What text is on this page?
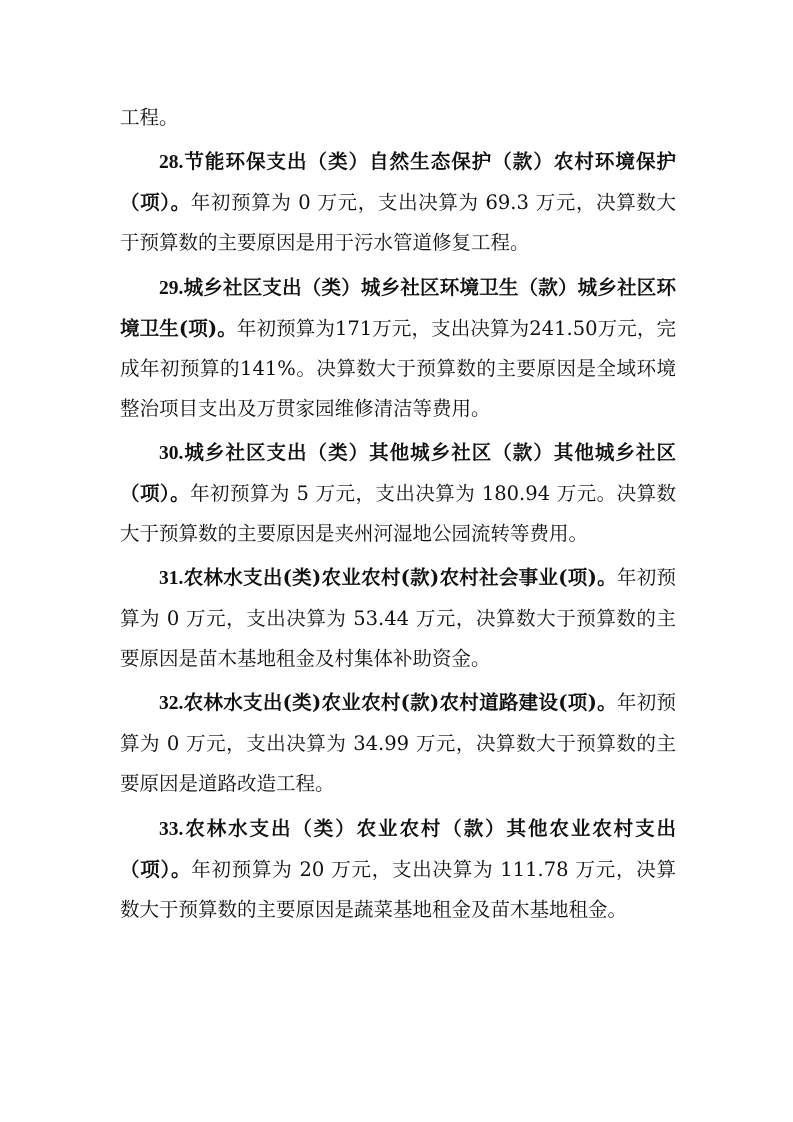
工程。

28.节能环保支出（类）自然生态保护（款）农村环境保护（项）。年初预算为 0 万元，支出决算为 69.3 万元，决算数大于预算数的主要原因是用于污水管道修复工程。

29.城乡社区支出（类）城乡社区环境卫生（款）城乡社区环境卫生(项)。年初预算为171万元，支出决算为241.50万元，完成年初预算的141%。决算数大于预算数的主要原因是全域环境整治项目支出及万贯家园维修清洁等费用。

30.城乡社区支出（类）其他城乡社区（款）其他城乡社区（项）。年初预算为 5 万元，支出决算为 180.94 万元。决算数大于预算数的主要原因是夹州河湿地公园流转等费用。

31.农林水支出(类)农业农村(款)农村社会事业(项)。年初预算为 0 万元，支出决算为 53.44 万元，决算数大于预算数的主要原因是苗木基地租金及村集体补助资金。

32.农林水支出(类)农业农村(款)农村道路建设(项)。年初预算为 0 万元，支出决算为 34.99 万元，决算数大于预算数的主要原因是道路改造工程。

33.农林水支出（类）农业农村（款）其他农业农村支出（项）。年初预算为 20 万元，支出决算为 111.78 万元，决算数大于预算数的主要原因是蔬菜基地租金及苗木基地租金。
